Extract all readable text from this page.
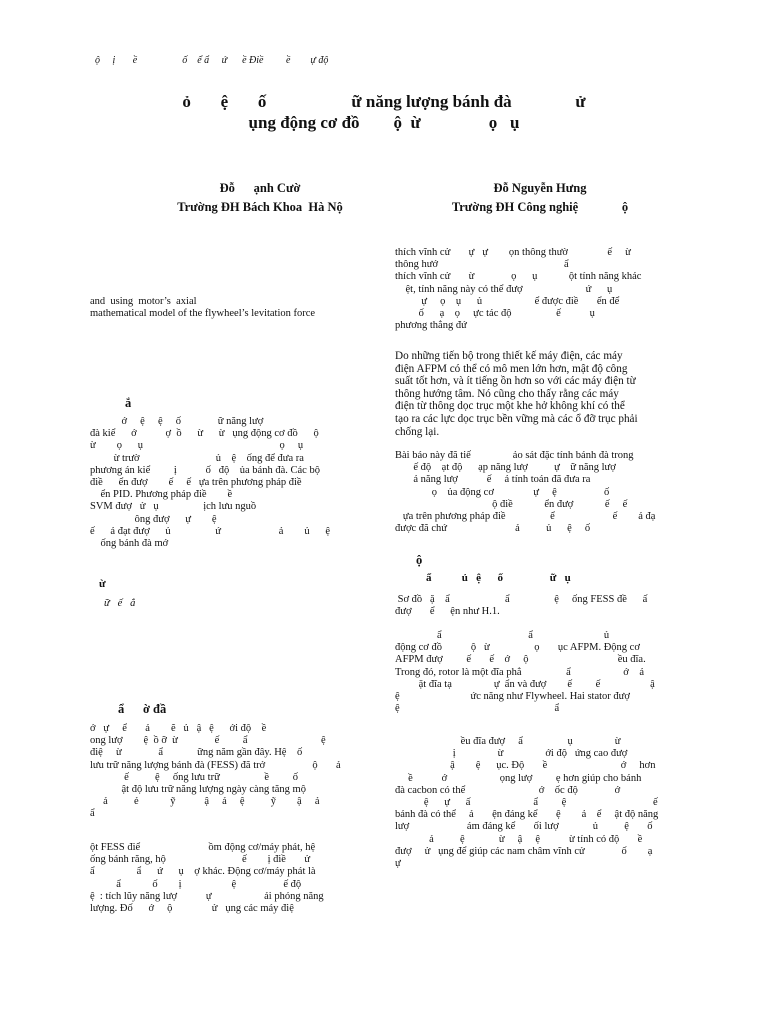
ộ     ị       ề                  ố    ể ẩ     ứ      ề Điề         ề        ự độ
ỏ       ệ       ố                    ữ năng lượng bánh đà               ử
ụng động cơ đồ        ộ  ừ                ọ   ụ
Đỗ      ạnh Cườ
Trường ĐH Bách Khoa  Hà Nộ
Đỗ Nguyễn Hưng
Trường ĐH Công nghiệ              ộ
and  using  motor’s  axial
mathematical model of the flywheel’s levitation force
ắ
ớ     ệ     ệ     ố              ữ năng lượ
đà kiể      ớ           ợ  ồ      ừ      ừ   ụng động cơ đồ      ộ
ừ        ọ      ụ                                                    ọ     ụ
ừ trườ                             ủ    ệ    ống để đưa ra
phương án kiể         ị           ố   độ    ủa bánh đà. Các bộ
điề      ển đượ        ế     ế   ựa trên phương pháp điề
ển PID. Phương pháp điề        ề
SVM đượ   ử   ụ                 ịch lưu nguồ
ông đượ      ự        ệ
ế      ả đạt đượ      ủ                 ứ                      ả        ủ      ệ
ống bánh đà mớ
ừ
ữ   ế   ắ
ẩ      ờ đầ
ớ   ự     ể       ả        ẽ   ủ   ậ   ệ      ới độ    ề
ong lượ        ệ  ồ ỡ  ừ              ế         ẩ                            ệ
điệ     ừ              ẩ             ững năm gần đây. Hệ    ố
lưu trữ năng lượng bánh đà (FESS) đã trở                  ộ       ả
ế          ệ     ống lưu trữ                 ề         ố
ật độ lưu trữ năng lượng ngày càng tăng mộ
ả          ẻ            ỹ           ậ     ả     ệ          ỹ        ậ     ả
ẩ
ột FESS điể                          ồm động cơ/máy phát, hệ
ống bánh răng, hộ                             ế        ị điề       ử
ẩ                ẩ      ứ      ụ    ợ khác. Động cơ/máy phát là
ẩ            ố        ị                   ệ                  ế độ
ệ  : tích lũy năng lượ           ự                    ải phóng năng
lượng. Đố      ớ     ộ               ử   ụng các máy điệ
thích vĩnh cử       ự   ự        ọn thông thườ               ế     ừ
thông hướ                                                ẩ
thích vĩnh cử       ừ              ọ      ụ            ột tính năng khác
ệt, tính năng này có thể đượ                        ứ      ụ
ự     ọ    ụ      ủ                    ể được điề       ển để
ố      ạ    ọ     ực tác độ                 ế           ụ
phương thẳng đứ
Do những tiến bộ trong thiết kế máy điện, các máy
điện AFPM có thể có mô men lớn hơn, mật độ công
suất tốt hơn, và ít tiếng ồn hơn so với các máy điện từ
thông hướng tâm. Nó cũng cho thấy rằng các máy
điện từ thông dọc trục một khe hở không khí có thể
tạo ra các lực dọc trục bền vững mà các ổ đỡ trục phải
chống lại.
Bài báo này đã tiế                ảo sát đặc tính bánh đà trong
ế độ    ạt độ      ạp năng lượ          ự    ữ năng lượ
ả năng lượ           ế     ả tính toán đã đưa ra
ọ    ủa động cơ               ự     ệ                  ố
ộ điề            ển đượ            ế     ế
ựa trên phương pháp điề                 ể                      ế        ả đạ
được đã chứ                          ả          ủ      ệ     ố
ộ
ẩ           ủ   ệ      ố                 ữ   ụ
Sơ đồ   ặ    ẩ                     ẩ                 ệ     ống FESS đề      ấ
đượ       ể      ện như H.1.
ẩ                                 ẩ                           ủ
động cơ đồ           ộ   ừ                 ọ       ục AFPM. Động cơ
AFPM đượ         ế       ế    ớ     ộ                                  ều đĩa.
Trong đó, rotor là một đĩa phẳ                 ẩ                    ớ    ả
ặt đĩa tạ                ự  ẩn và đượ        ế         ế                   ậ
ệ                           ức năng như Flywheel. Hai stator đượ
ệ                                                           ẩ
ều đĩa đượ     ẩ                 ụ                ừ
ị                ừ                ới độ   ứng cao đượ
ậ        ệ      ục. Độ       ề                            ớ     hơn
ề           ớ                    ọng lượ         ẹ hơn giúp cho bánh
đà cacbon có thể                            ớ    ốc độ              ớ
ệ      ự      ấ                        ẩ         ệ                                 ế
bánh đà có thể     ả       ện đáng kể       ệ        ả    ể     ật độ năng
lượ                      ám đáng kể       ối lượ             ủ          ệ       ố
ả          ệ             ừ     ậ     ệ           ừ tính có độ       ề
đượ     ử   ụng để giúp các nam châm vĩnh cử              ố        ạ
ự
